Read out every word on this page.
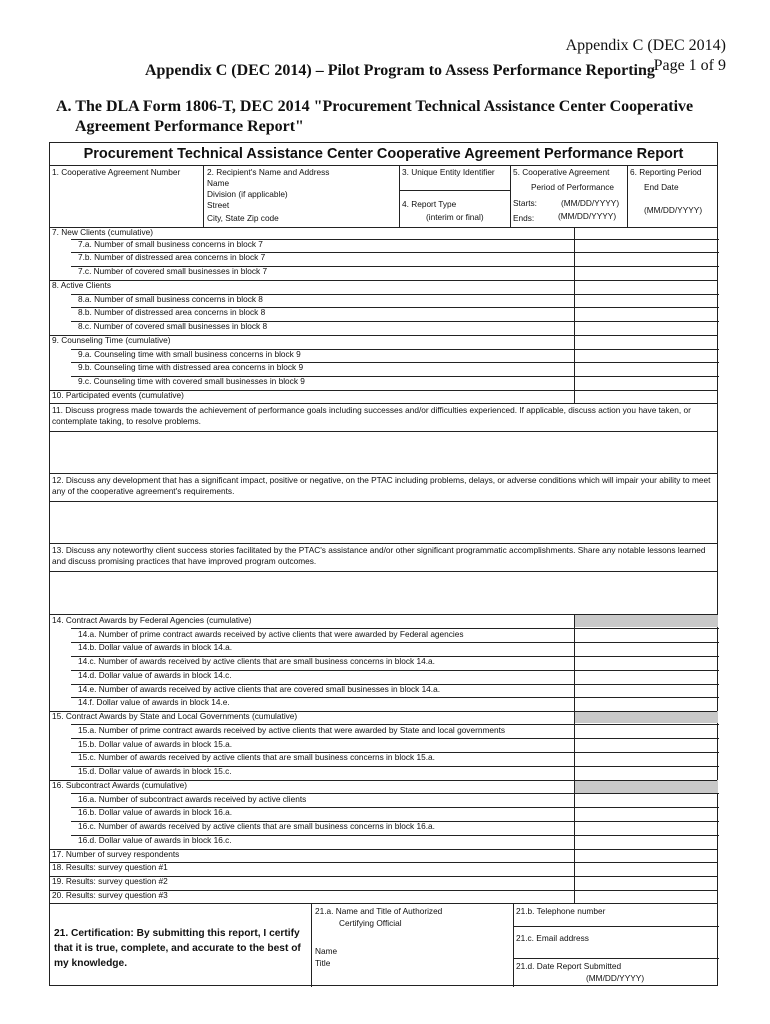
Appendix C (DEC 2014)
Page 1 of 9
Appendix C (DEC 2014) – Pilot Program to Assess Performance Reporting
A. The DLA Form 1806-T, DEC 2014 "Procurement Technical Assistance Center Cooperative Agreement Performance Report"
Procurement Technical Assistance Center Cooperative Agreement Performance Report
1. Cooperative Agreement Number	2. Recipient's Name and Address
Name
Division (if applicable)
Street
City, State Zip code
3. Unique Entity Identifier
4. Report Type
(interim or final)
5. Cooperative Agreement
Period of Performance
Starts:	(MM/DD/YYYY)
Ends:	(MM/DD/YYYY)
6. Reporting Period
End Date
(MM/DD/YYYY)
7. New Clients (cumulative)
7.a. Number of small business concerns in block 7
7.b. Number of distressed area concerns in block 7
7.c. Number of covered small businesses in block 7
8. Active Clients
8.a. Number of small business concerns in block 8
8.b. Number of distressed area concerns in block 8
8.c. Number of covered small businesses in block 8
9. Counseling Time (cumulative)
9.a. Counseling time with small business concerns in block 9
9.b. Counseling time with distressed area concerns in block 9
9.c. Counseling time with covered small businesses in block 9
10. Participated events (cumulative)
11. Discuss progress made towards the achievement of performance goals including successes and/or difficulties experienced. If applicable, discuss action you have taken, or contemplate taking, to resolve problems.
12. Discuss any development that has a significant impact, positive or negative, on the PTAC including problems, delays, or adverse conditions which will impair your ability to meet any of the cooperative agreement's requirements.
13. Discuss any noteworthy client success stories facilitated by the PTAC's assistance and/or other significant programmatic accomplishments. Share any notable lessons learned and discuss promising practices that have improved program outcomes.
14. Contract Awards by Federal Agencies (cumulative)
14.a. Number of prime contract awards received by active clients that were awarded by Federal agencies
14.b. Dollar value of awards in block 14.a.
14.c. Number of awards received by active clients that are small business concerns in block 14.a.
14.d. Dollar value of awards in block 14.c.
14.e. Number of awards received by active clients that are covered small businesses in block 14.a.
14.f. Dollar value of awards in block 14.e.
15. Contract Awards by State and Local Governments (cumulative)
15.a. Number of prime contract awards received by active clients that were awarded by State and local governments
15.b. Dollar value of awards in block 15.a.
15.c. Number of awards received by active clients that are small business concerns in block 15.a.
15.d. Dollar value of awards in block 15.c.
16. Subcontract Awards (cumulative)
16.a. Number of subcontract awards received by active clients
16.b. Dollar value of awards in block 16.a.
16.c. Number of awards received by active clients that are small business concerns in block 16.a.
16.d. Dollar value of awards in block 16.c.
17. Number of survey respondents
18. Results: survey question #1
19. Results: survey question #2
20. Results: survey question #3
21. Certification: By submitting this report, I certify that it is true, complete, and accurate to the best of my knowledge.
21.a. Name and Title of Authorized
Certifying Official
Name
Title
21.b. Telephone number
21.c. Email address
21.d. Date Report Submitted
(MM/DD/YYYY)
